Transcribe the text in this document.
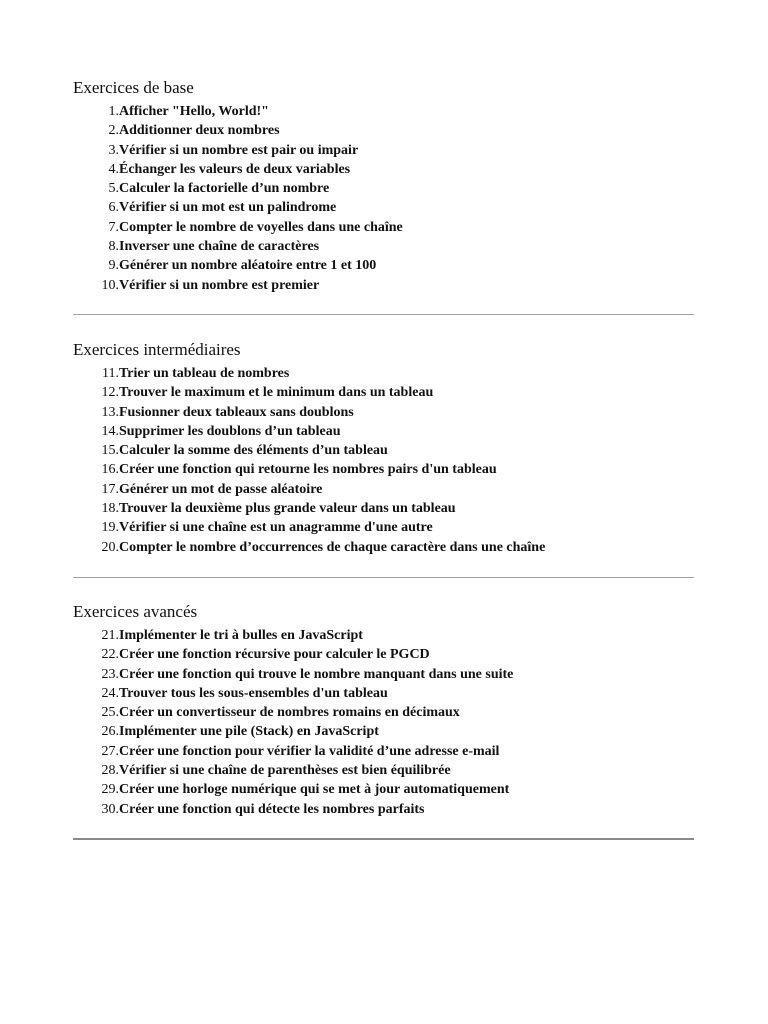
Exercices de base
1. Afficher "Hello, World!"
2. Additionner deux nombres
3. Vérifier si un nombre est pair ou impair
4. Échanger les valeurs de deux variables
5. Calculer la factorielle d’un nombre
6. Vérifier si un mot est un palindrome
7. Compter le nombre de voyelles dans une chaîne
8. Inverser une chaîne de caractères
9. Générer un nombre aléatoire entre 1 et 100
10. Vérifier si un nombre est premier
Exercices intermédiaires
11. Trier un tableau de nombres
12. Trouver le maximum et le minimum dans un tableau
13. Fusionner deux tableaux sans doublons
14. Supprimer les doublons d’un tableau
15. Calculer la somme des éléments d’un tableau
16. Créer une fonction qui retourne les nombres pairs d'un tableau
17. Générer un mot de passe aléatoire
18. Trouver la deuxième plus grande valeur dans un tableau
19. Vérifier si une chaîne est un anagramme d'une autre
20. Compter le nombre d’occurrences de chaque caractère dans une chaîne
Exercices avancés
21. Implémenter le tri à bulles en JavaScript
22. Créer une fonction récursive pour calculer le PGCD
23. Créer une fonction qui trouve le nombre manquant dans une suite
24. Trouver tous les sous-ensembles d'un tableau
25. Créer un convertisseur de nombres romains en décimaux
26. Implémenter une pile (Stack) en JavaScript
27. Créer une fonction pour vérifier la validité d’une adresse e-mail
28. Vérifier si une chaîne de parenthèses est bien équilibrée
29. Créer une horloge numérique qui se met à jour automatiquement
30. Créer une fonction qui détecte les nombres parfaits
